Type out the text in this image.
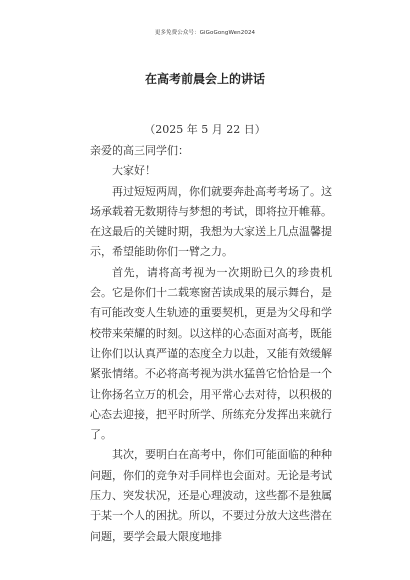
更多免费公众号：GiGoGongWen2024
在高考前晨会上的讲话
（2025 年 5 月 22 日）

亲爱的高三同学们：

大家好！

再过短短两周，你们就要奔赴高考考场了。这场承载着无数期待与梦想的考试，即将拉开帷幕。在这最后的关键时期，我想为大家送上几点温馨提示，希望能助你们一臂之力。

首先，请将高考视为一次期盼已久的珍贵机会。它是你们十二载寒窗苦读成果的展示舞台，是有可能改变人生轨迹的重要契机，更是为父母和学校带来荣耀的时刻。以这样的心态面对高考，既能让你们以认真严谨的态度全力以赴，又能有效缓解紧张情绪。不必将高考视为洪水猛兽它恰恰是一个让你扬名立万的机会，用平常心去对待，以积极的心态去迎接，把平时所学、所练充分发挥出来就行了。

其次，要明白在高考中，你们可能面临的种种问题，你们的竞争对手同样也会面对。无论是考试压力、突发状况，还是心理波动，这些都不是独属于某一个人的困扰。所以，不要过分放大这些潜在问题，要学会最大限度地排
